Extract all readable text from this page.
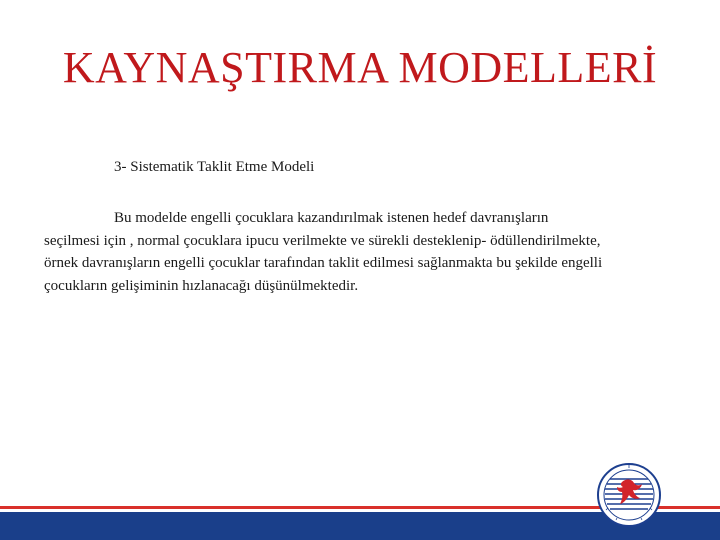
KAYNAŞTIRMA MODELLERİ
3- Sistematik Taklit Etme Modeli
Bu modelde engelli çocuklara kazandırılmak istenen hedef davranışların seçilmesi için , normal çocuklara ipucu verilmekte ve sürekli desteklenip- ödüllendirilmekte, örnek davranışların engelli çocuklar tarafından taklit edilmesi sağlanmakta bu şekilde engelli çocukların gelişiminin hızlanacağı düşünülmektedir.
